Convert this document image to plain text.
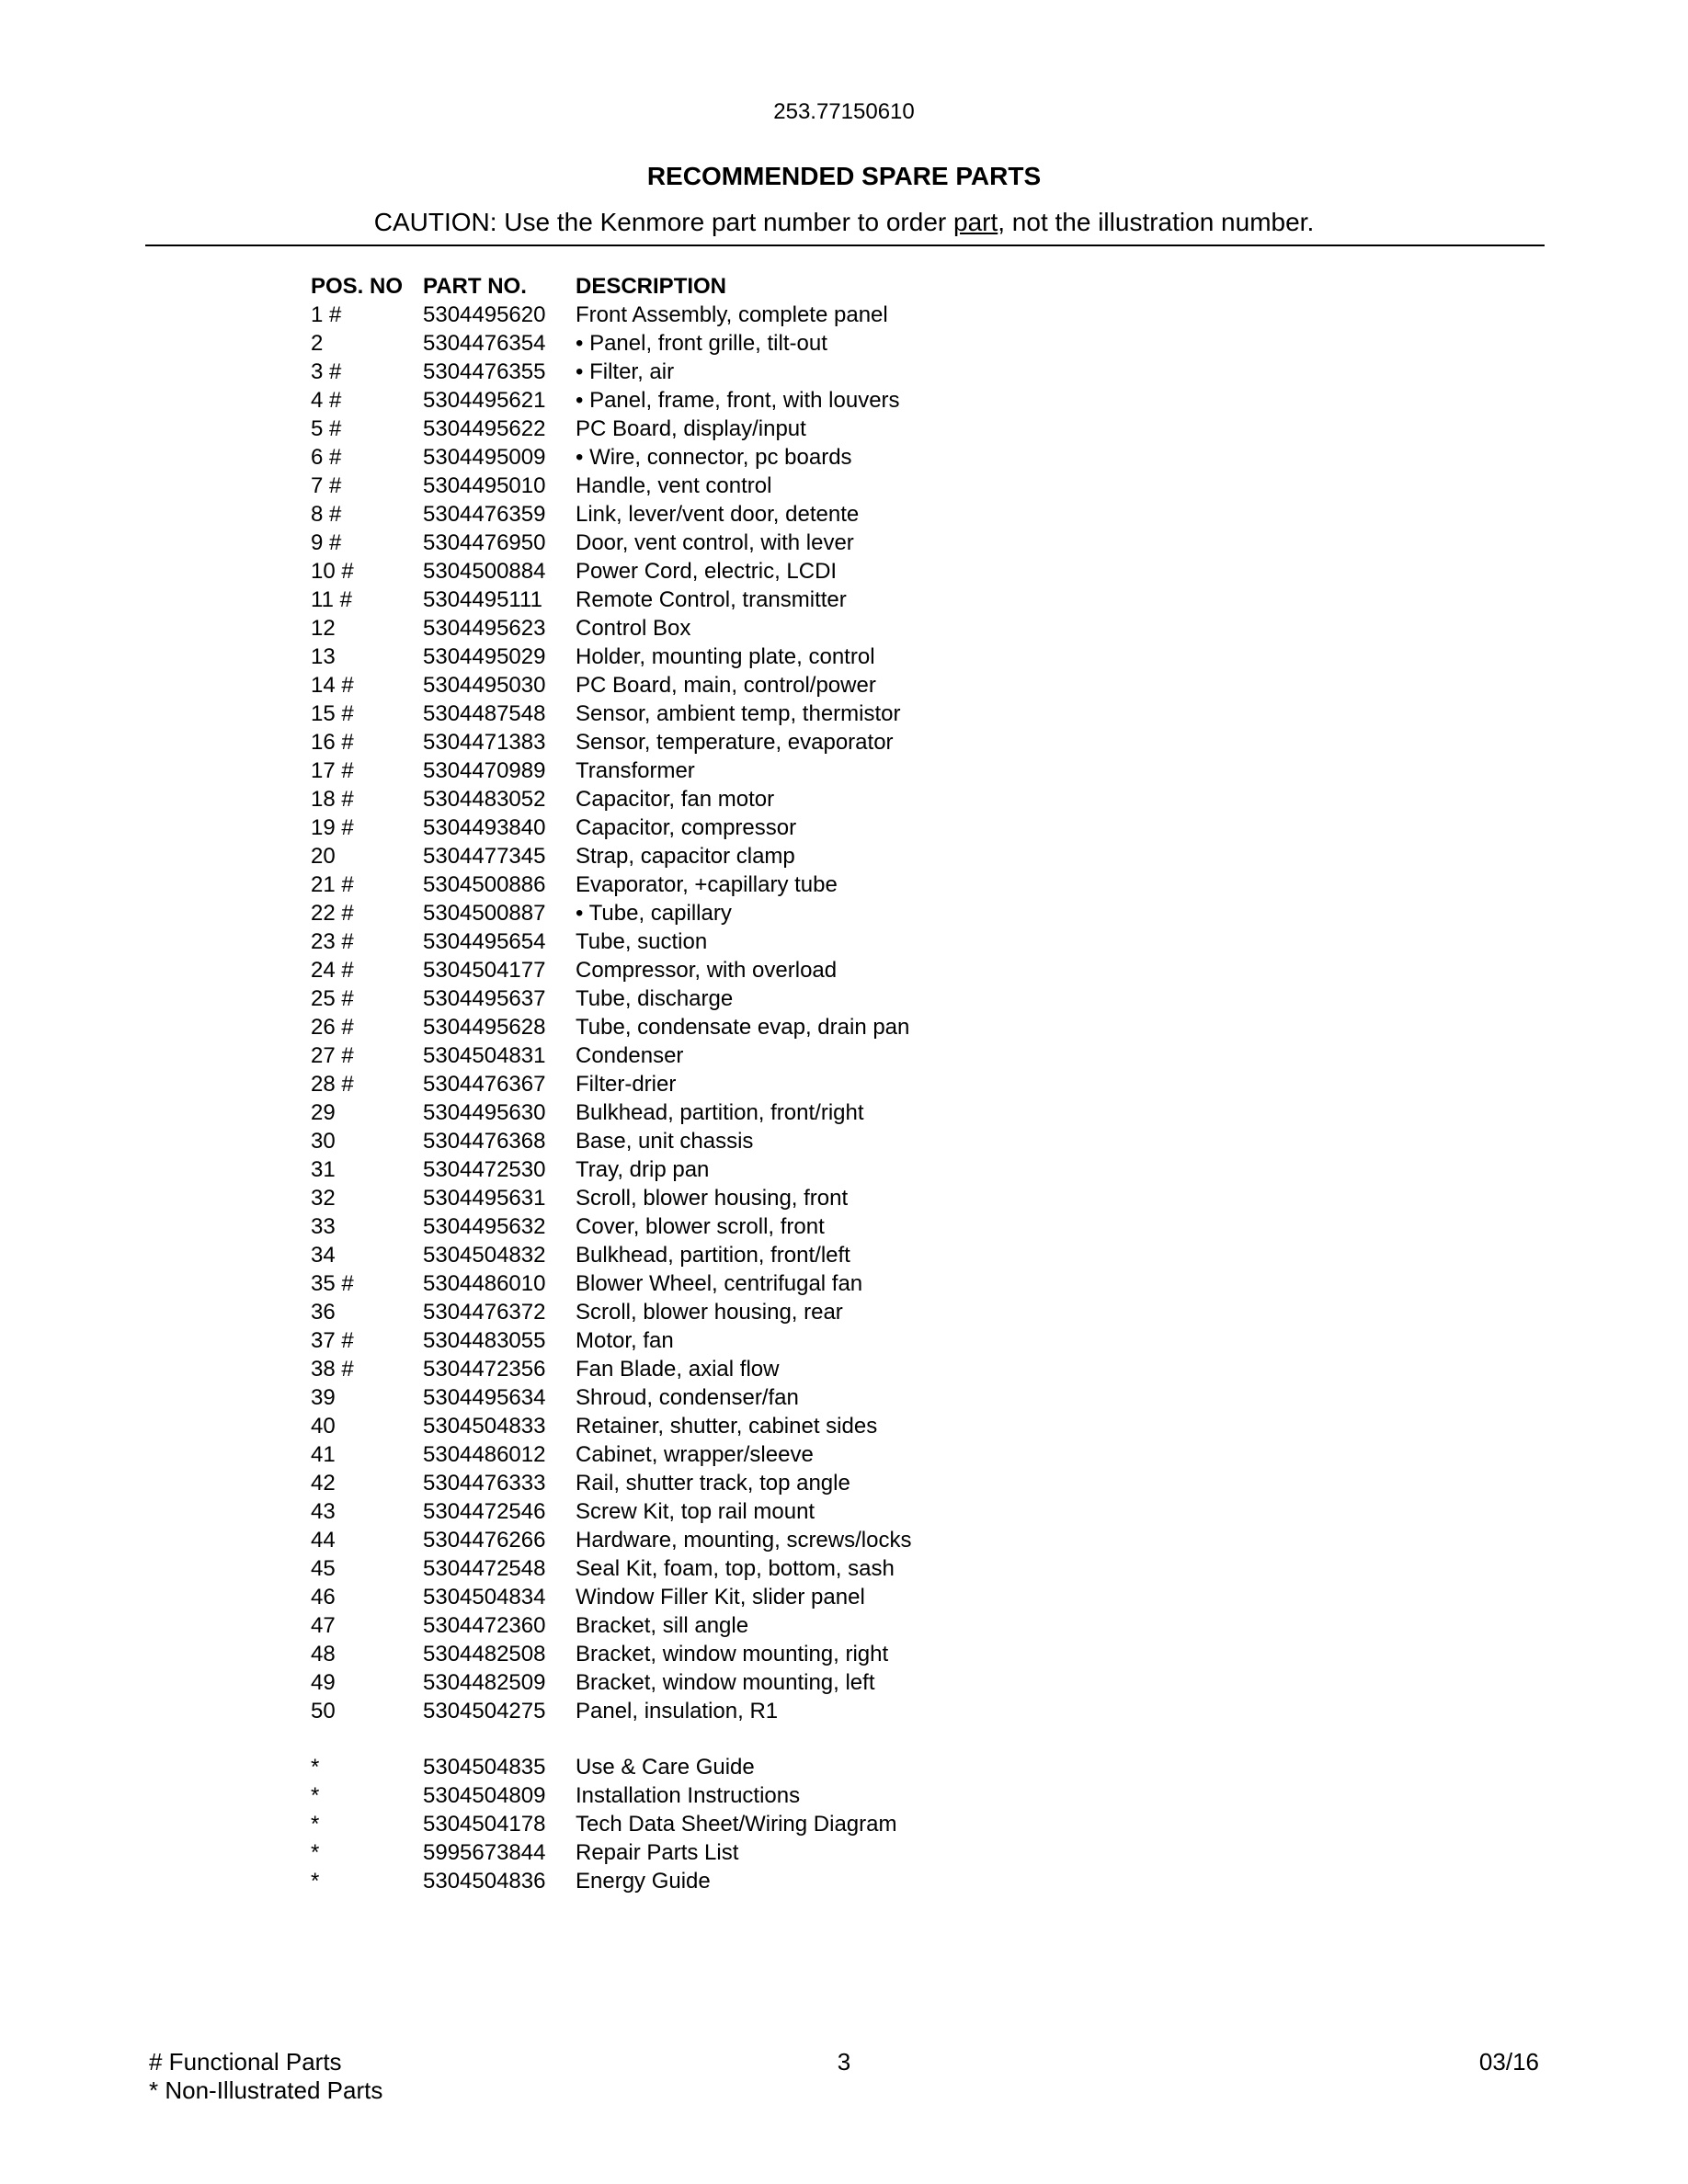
253.77150610
RECOMMENDED SPARE PARTS
CAUTION: Use the Kenmore part number to order part, not the illustration number.
POS. NO PART NO.	DESCRIPTION
1 #	5304495620	Front Assembly, complete panel
2	5304476354	• Panel, front grille, tilt-out
3 #	5304476355	• Filter, air
4 #	5304495621	• Panel, frame, front, with louvers
5 #	5304495622	PC Board, display/input
6 #	5304495009	• Wire, connector, pc boards
7 #	5304495010	Handle, vent control
8 #	5304476359	Link, lever/vent door, detente
9 #	5304476950	Door, vent control, with lever
10 #	5304500884	Power Cord, electric, LCDI
11 #	5304495111	Remote Control, transmitter
12	5304495623	Control Box
13	5304495029	Holder, mounting plate, control
14 #	5304495030	PC Board, main, control/power
15 #	5304487548	Sensor, ambient temp, thermistor
16 #	5304471383	Sensor, temperature, evaporator
17 #	5304470989	Transformer
18 #	5304483052	Capacitor, fan motor
19 #	5304493840	Capacitor, compressor
20	5304477345	Strap, capacitor clamp
21 #	5304500886	Evaporator, +capillary tube
22 #	5304500887	• Tube, capillary
23 #	5304495654	Tube, suction
24 #	5304504177	Compressor, with overload
25 #	5304495637	Tube, discharge
26 #	5304495628	Tube, condensate evap, drain pan
27 #	5304504831	Condenser
28 #	5304476367	Filter-drier
29	5304495630	Bulkhead, partition, front/right
30	5304476368	Base, unit chassis
31	5304472530	Tray, drip pan
32	5304495631	Scroll, blower housing, front
33	5304495632	Cover, blower scroll, front
34	5304504832	Bulkhead, partition, front/left
35 #	5304486010	Blower Wheel, centrifugal fan
36	5304476372	Scroll, blower housing, rear
37 #	5304483055	Motor, fan
38 #	5304472356	Fan Blade, axial flow
39	5304495634	Shroud, condenser/fan
40	5304504833	Retainer, shutter, cabinet sides
41	5304486012	Cabinet, wrapper/sleeve
42	5304476333	Rail, shutter track, top angle
43	5304472546	Screw Kit, top rail mount
44	5304476266	Hardware, mounting, screws/locks
45	5304472548	Seal Kit, foam, top, bottom, sash
46	5304504834	Window Filler Kit, slider panel
47	5304472360	Bracket, sill angle
48	5304482508	Bracket, window mounting, right
49	5304482509	Bracket, window mounting, left
50	5304504275	Panel, insulation, R1
*	5304504835	Use & Care Guide
*	5304504809	Installation Instructions
*	5304504178	Tech Data Sheet/Wiring Diagram
*	5995673844	Repair Parts List
*	5304504836	Energy Guide
# Functional Parts
* Non-Illustrated Parts
3	03/16
